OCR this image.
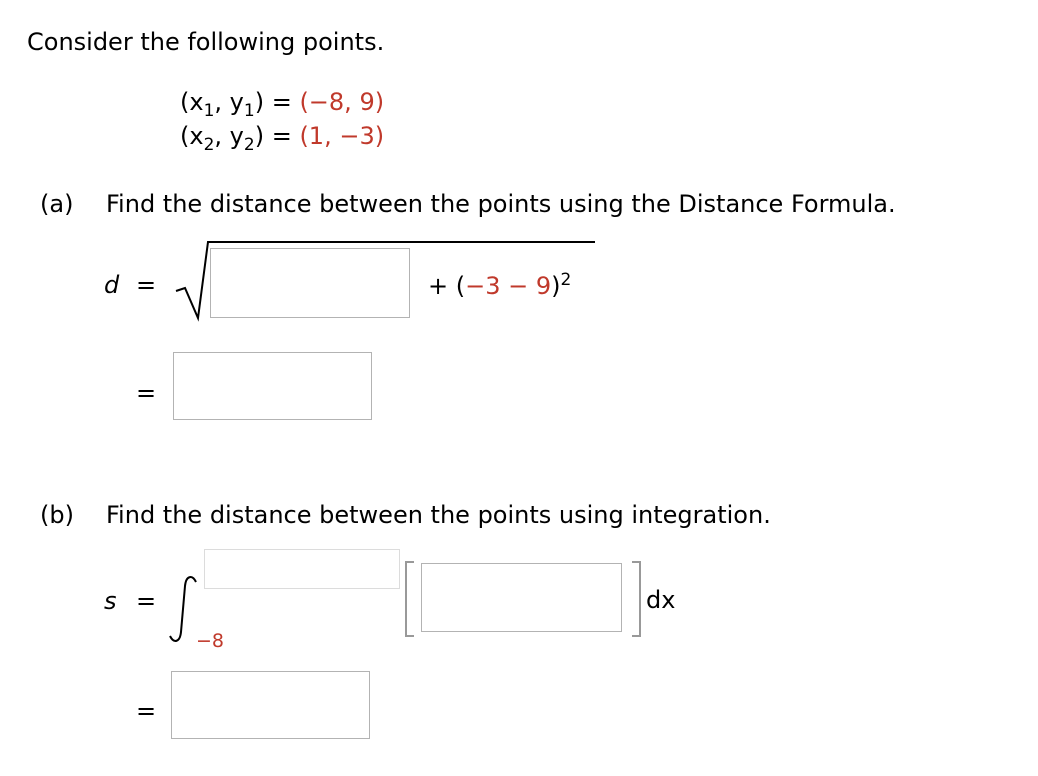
Consider the following points.
($x_1$, $y_1) = (-8$, 9)
($x_2$, $y_2) = (1$, −3)
(a) Find the distance between the points using the Distance Formula.
d =	+ $(-3 - 9)^2$
=
(b) Find the distance between the points using integration.
s =
−8
dx
=
